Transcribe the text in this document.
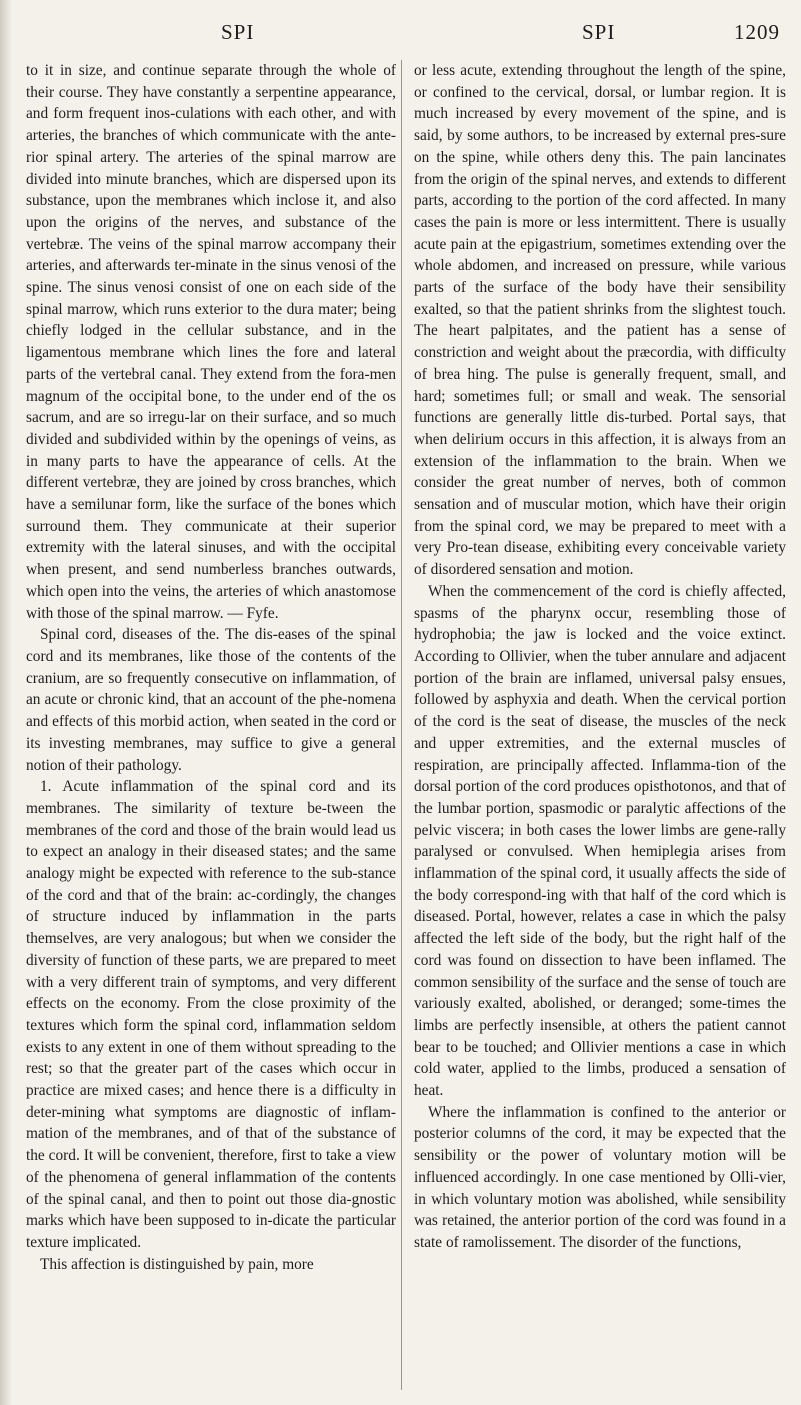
SPI	SPI	1209

to it in size, and continue separate through the whole of their course. They have constantly a serpentine appearance, and form frequent inos-culations with each other, and with arteries, the branches of which communicate with the ante-rior spinal artery. The arteries of the spinal marrow are divided into minute branches, which are dispersed upon its substance, upon the membranes which inclose it, and also upon the origins of the nerves, and substance of the vertebræ. The veins of the spinal marrow accompany their arteries, and afterwards ter-minate in the sinus venosi of the spine. The sinus venosi consist of one on each side of the spinal marrow, which runs exterior to the dura mater; being chiefly lodged in the cellular substance, and in the ligamentous membrane which lines the fore and lateral parts of the vertebral canal. They extend from the fora-men magnum of the occipital bone, to the under end of the os sacrum, and are so irregu-lar on their surface, and so much divided and subdivided within by the openings of veins, as in many parts to have the appearance of cells. At the different vertebræ, they are joined by cross branches, which have a semilunar form, like the surface of the bones which surround them. They communicate at their superior extremity with the lateral sinuses, and with the occipital when present, and send numberless branches outwards, which open into the veins, the arteries of which anastomose with those of the spinal marrow. — Fyfe.

Spinal cord, diseases of the. The dis-eases of the spinal cord and its membranes, like those of the contents of the cranium, are so frequently consecutive on inflammation, of an acute or chronic kind, that an account of the phe-nomena and effects of this morbid action, when seated in the cord or its investing membranes, may suffice to give a general notion of their pathology.

1. Acute inflammation of the spinal cord and its membranes. The similarity of texture be-tween the membranes of the cord and those of the brain would lead us to expect an analogy in their diseased states; and the same analogy might be expected with reference to the sub-stance of the cord and that of the brain: ac-cordingly, the changes of structure induced by inflammation in the parts themselves, are very analogous; but when we consider the diversity of function of these parts, we are prepared to meet with a very different train of symptoms, and very different effects on the economy. From the close proximity of the textures which form the spinal cord, inflammation seldom exists to any extent in one of them without spreading to the rest; so that the greater part of the cases which occur in practice are mixed cases; and hence there is a difficulty in deter-mining what symptoms are diagnostic of inflam-mation of the membranes, and of that of the substance of the cord. It will be convenient, therefore, first to take a view of the phenomena of general inflammation of the contents of the spinal canal, and then to point out those dia-gnostic marks which have been supposed to in-dicate the particular texture implicated.

This affection is distinguished by pain, more

or less acute, extending throughout the length of the spine, or confined to the cervical, dorsal, or lumbar region. It is much increased by every movement of the spine, and is said, by some authors, to be increased by external pres-sure on the spine, while others deny this. The pain lancinates from the origin of the spinal nerves, and extends to different parts, according to the portion of the cord affected. In many cases the pain is more or less intermittent. There is usually acute pain at the epigastrium, sometimes extending over the whole abdomen, and increased on pressure, while various parts of the surface of the body have their sensibility exalted, so that the patient shrinks from the slightest touch. The heart palpitates, and the patient has a sense of constriction and weight about the præcordia, with difficulty of brea hing. The pulse is generally frequent, small, and hard; sometimes full; or small and weak. The sensorial functions are generally little dis-turbed. Portal says, that when delirium occurs in this affection, it is always from an extension of the inflammation to the brain. When we consider the great number of nerves, both of common sensation and of muscular motion, which have their origin from the spinal cord, we may be prepared to meet with a very Pro-tean disease, exhibiting every conceivable variety of disordered sensation and motion.

When the commencement of the cord is chiefly affected, spasms of the pharynx occur, resembling those of hydrophobia; the jaw is locked and the voice extinct. According to Ollivier, when the tuber annulare and adjacent portion of the brain are inflamed, universal palsy ensues, followed by asphyxia and death. When the cervical portion of the cord is the seat of disease, the muscles of the neck and upper extremities, and the external muscles of respiration, are principally affected. Inflamma-tion of the dorsal portion of the cord produces opisthotonos, and that of the lumbar portion, spasmodic or paralytic affections of the pelvic viscera; in both cases the lower limbs are gene-rally paralysed or convulsed. When hemiplegia arises from inflammation of the spinal cord, it usually affects the side of the body correspond-ing with that half of the cord which is diseased. Portal, however, relates a case in which the palsy affected the left side of the body, but the right half of the cord was found on dissection to have been inflamed. The common sensibility of the surface and the sense of touch are variously exalted, abolished, or deranged; some-times the limbs are perfectly insensible, at others the patient cannot bear to be touched; and Ollivier mentions a case in which cold water, applied to the limbs, produced a sensation of heat.

Where the inflammation is confined to the anterior or posterior columns of the cord, it may be expected that the sensibility or the power of voluntary motion will be influenced accordingly. In one case mentioned by Olli-vier, in which voluntary motion was abolished, while sensibility was retained, the anterior portion of the cord was found in a state of ramolissement. The disorder of the functions,
